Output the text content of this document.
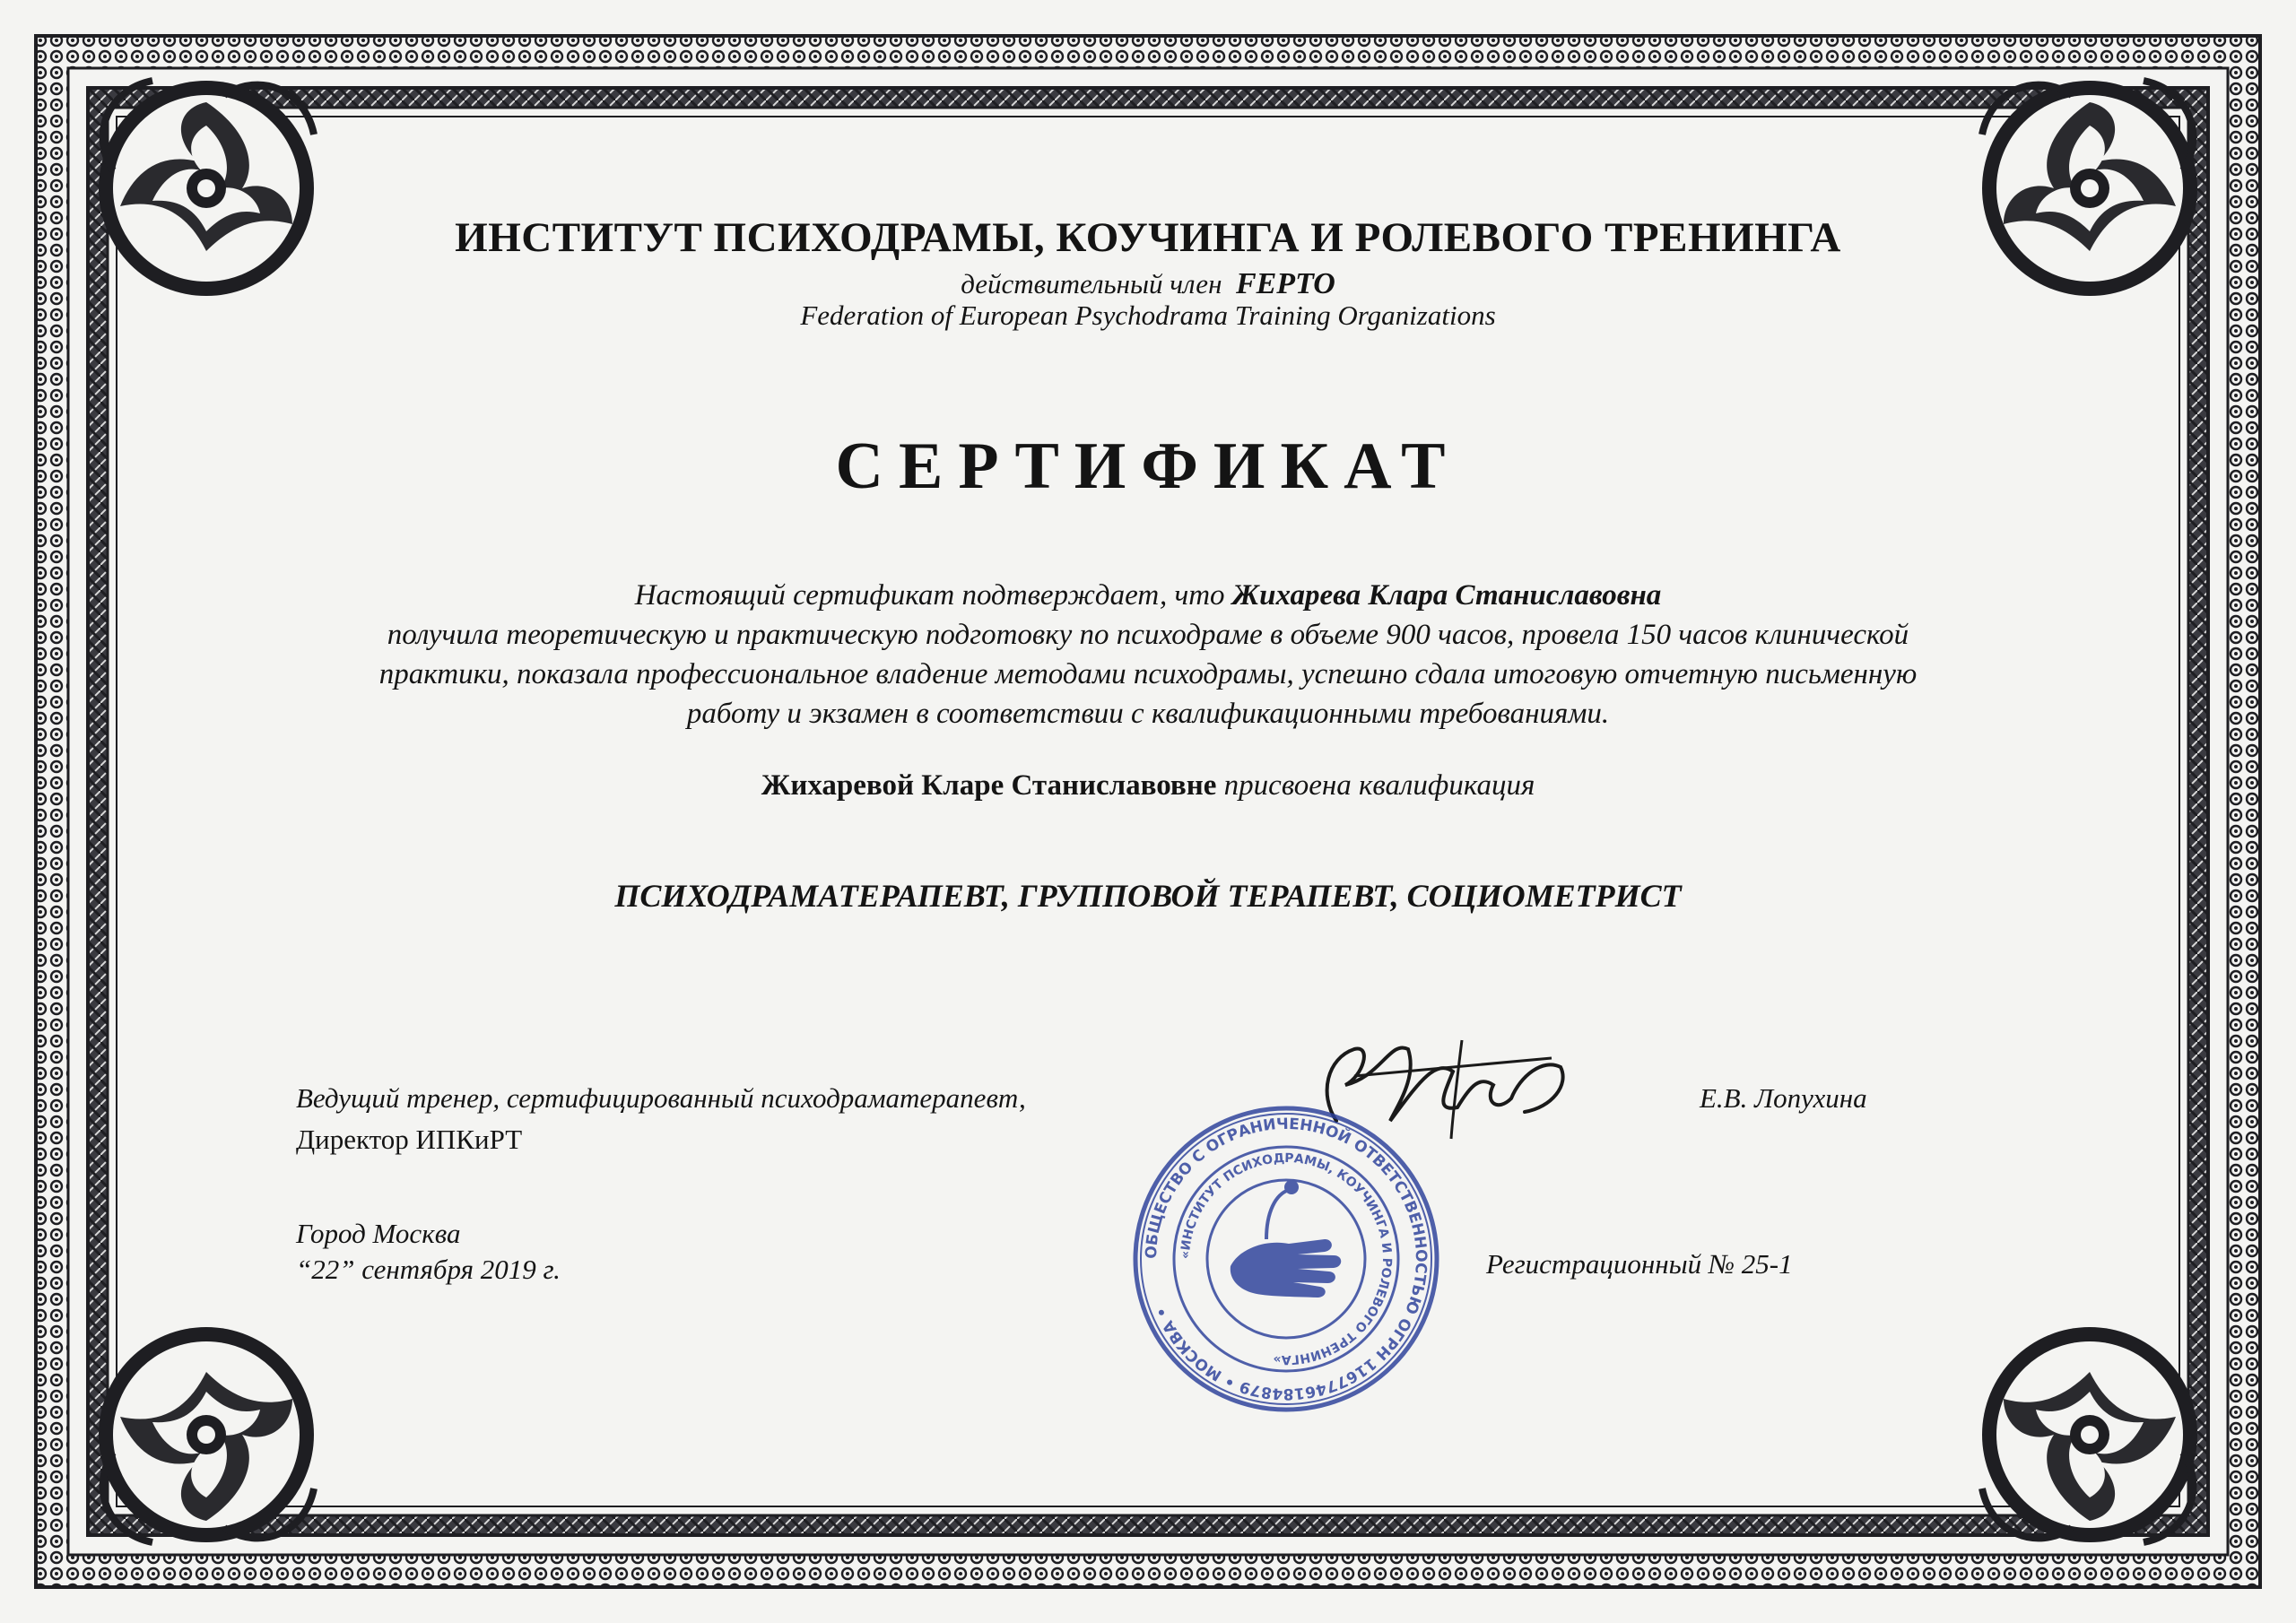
ИНСТИТУТ ПСИХОДРАМЫ, КОУЧИНГА И РОЛЕВОГО ТРЕНИНГА
действительный член FEPTO
Federation of European Psychodrama Training Organizations
СЕРТИФИКАТ
Настоящий сертификат подтверждает, что Жихарева Клара Станиславовна
получила теоретическую и практическую подготовку по психодраме в объеме 900 часов, провела 150 часов клинической
практики, показала профессиональное владение методами психодрамы, успешно сдала итоговую отчетную письменную
работу и экзамен в соответствии с квалификационными требованиями.
Жихаревой Кларе Станиславовне присвоена квалификация
ПСИХОДРАМАТЕРАПЕВТ, ГРУППОВОЙ ТЕРАПЕВТ, СОЦИОМЕТРИСТ
Ведущий тренер, сертифицированный психодраматерапевт,
Директор ИПКиРТ
Е.В. Лопухина
Город Москва
“22” сентября 2019 г.	Регистрационный № 25-1
ОБЩЕСТВО С ОГРАНИЧЕННОЙ ОТВЕТСТВЕННОСТЬЮ ОГРН 1167746184879 • МОСКВА •
«ИНСТИТУТ ПСИХОДРАМЫ, КОУЧИНГА И РОЛЕВОГО ТРЕНИНГА»
